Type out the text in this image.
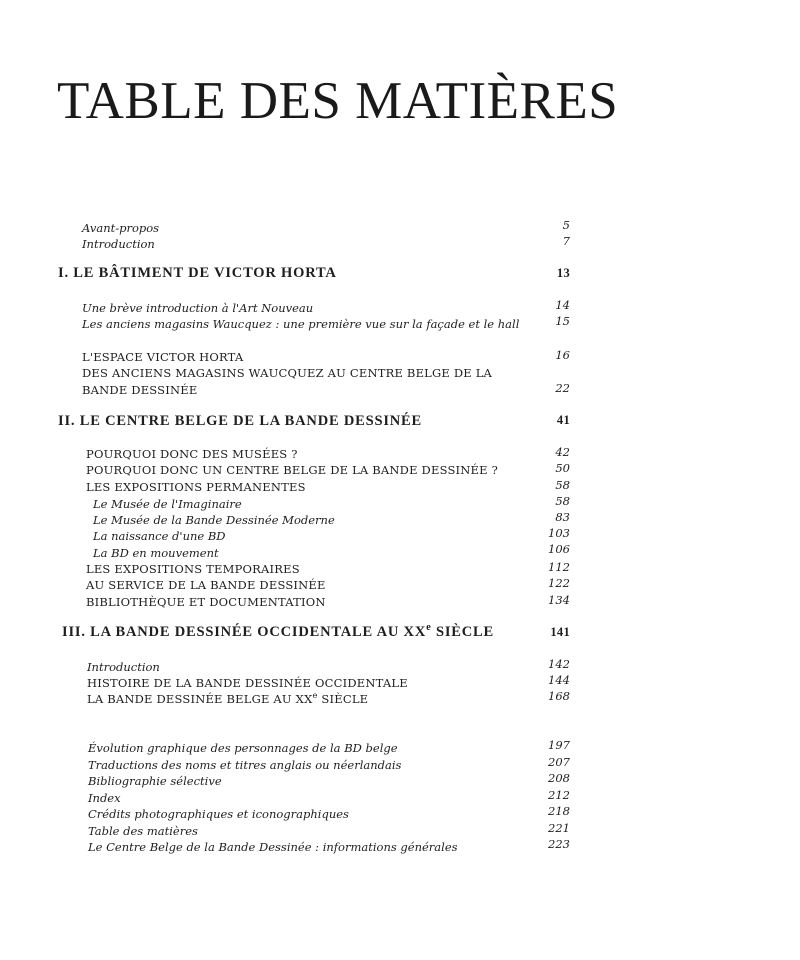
TABLE DES MATIÈRES
Avant-propos	5
Introduction	7
I. LE BÂTIMENT DE VICTOR HORTA	13
Une brève introduction à l'Art Nouveau	14
Les anciens magasins Waucquez : une première vue sur la façade et le hall	15
L'ESPACE VICTOR HORTA	16
DES ANCIENS MAGASINS WAUCQUEZ AU CENTRE BELGE DE LA
BANDE DESSINÉE	22
II. LE CENTRE BELGE DE LA BANDE DESSINÉE	41
POURQUOI DONC DES MUSÉES ?	42
POURQUOI DONC UN CENTRE BELGE DE LA BANDE DESSINÉE ?	50
LES EXPOSITIONS PERMANENTES	58
Le Musée de l'Imaginaire	58
Le Musée de la Bande Dessinée Moderne	83
La naissance d'une BD	103
La BD en mouvement	106
LES EXPOSITIONS TEMPORAIRES	112
AU SERVICE DE LA BANDE DESSINÉE	122
BIBLIOTHÈQUE ET DOCUMENTATION	134
III. LA BANDE DESSINÉE OCCIDENTALE AU XXe SIÈCLE	141
Introduction	142
HISTOIRE DE LA BANDE DESSINÉE OCCIDENTALE	144
LA BANDE DESSINÉE BELGE AU XXe SIÈCLE	168
Évolution graphique des personnages de la BD belge	197
Traductions des noms et titres anglais ou néerlandais	207
Bibliographie sélective	208
Index	212
Crédits photographiques et iconographiques	218
Table des matières	221
Le Centre Belge de la Bande Dessinée : informations générales	223
